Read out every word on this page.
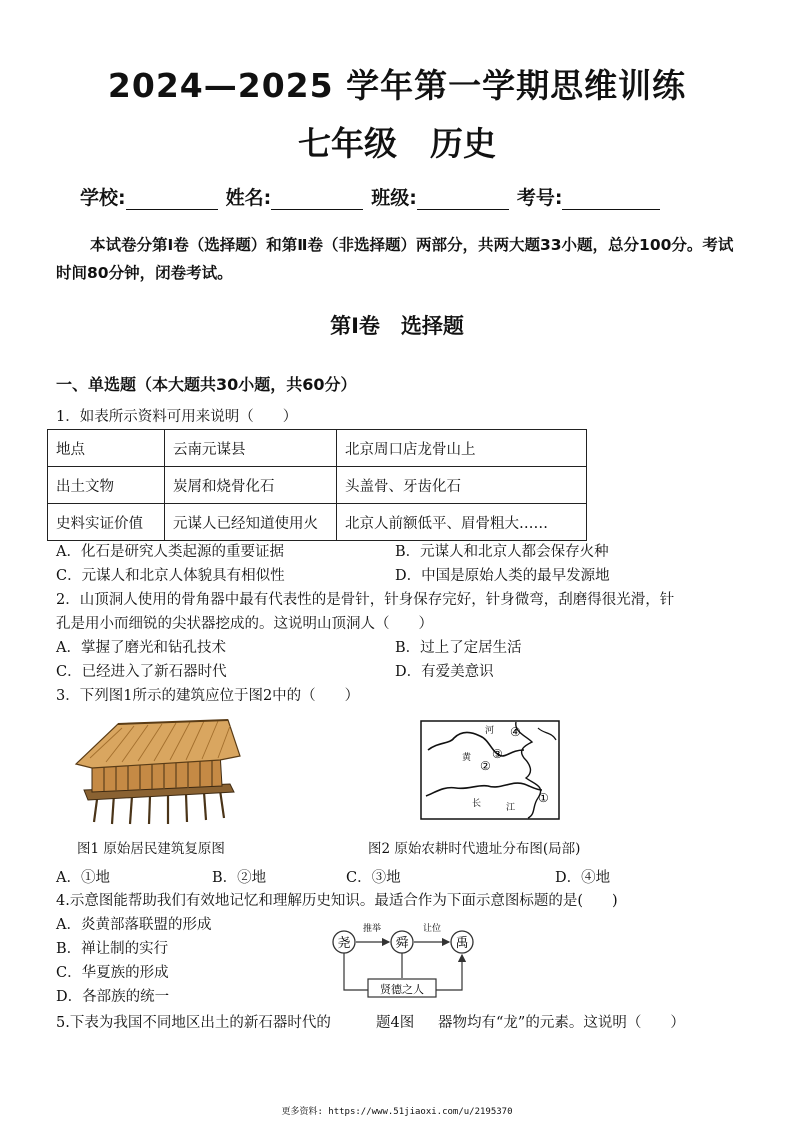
2024—2025 学年第一学期思维训练
七年级　历史
学校:	姓名:	班级:	考号:
本试卷分第Ⅰ卷（选择题）和第Ⅱ卷（非选择题）两部分，共两大题33小题，总分100分。考试时间80分钟，闭卷考试。
第Ⅰ卷　选择题
一、单选题（本大题共30小题，共60分）
1．如表所示资料可用来说明（　　）
地点	云南元谋县	北京周口店龙骨山上
出土文物	炭屑和烧骨化石	头盖骨、牙齿化石
史料实证价值	元谋人已经知道使用火	北京人前额低平、眉骨粗大……
A．化石是研究人类起源的重要证据	B．元谋人和北京人都会保存火种
C．元谋人和北京人体貌具有相似性	D．中国是原始人类的最早发源地
2．山顶洞人使用的骨角器中最有代表性的是骨针，针身保存完好，针身微弯，刮磨得很光滑，针
孔是用小而细锐的尖状器挖成的。这说明山顶洞人（　　）
A．掌握了磨光和钻孔技术	B．过上了定居生活
C．已经进入了新石器时代	D．有爱美意识
3．下列图1所示的建筑应位于图2中的（　　）
黄
河
长	江
④
③
②
①
图1 原始居民建筑复原图	图2 原始农耕时代遗址分布图(局部)
A．①地	B．②地	C．③地	D．④地
4.示意图能帮助我们有效地记忆和理解历史知识。最适合作为下面示意图标题的是(　　)
A．炎黄部落联盟的形成
B．禅让制的实行
C．华夏族的形成
D．各部族的统一
尧	舜	禹
推举	让位
贤德之人
5.下表为我国不同地区出土的新石器时代的	题4图 器物均有“龙”的元素。这说明（　　）
更多资料: https://www.51jiaoxi.com/u/2195370
